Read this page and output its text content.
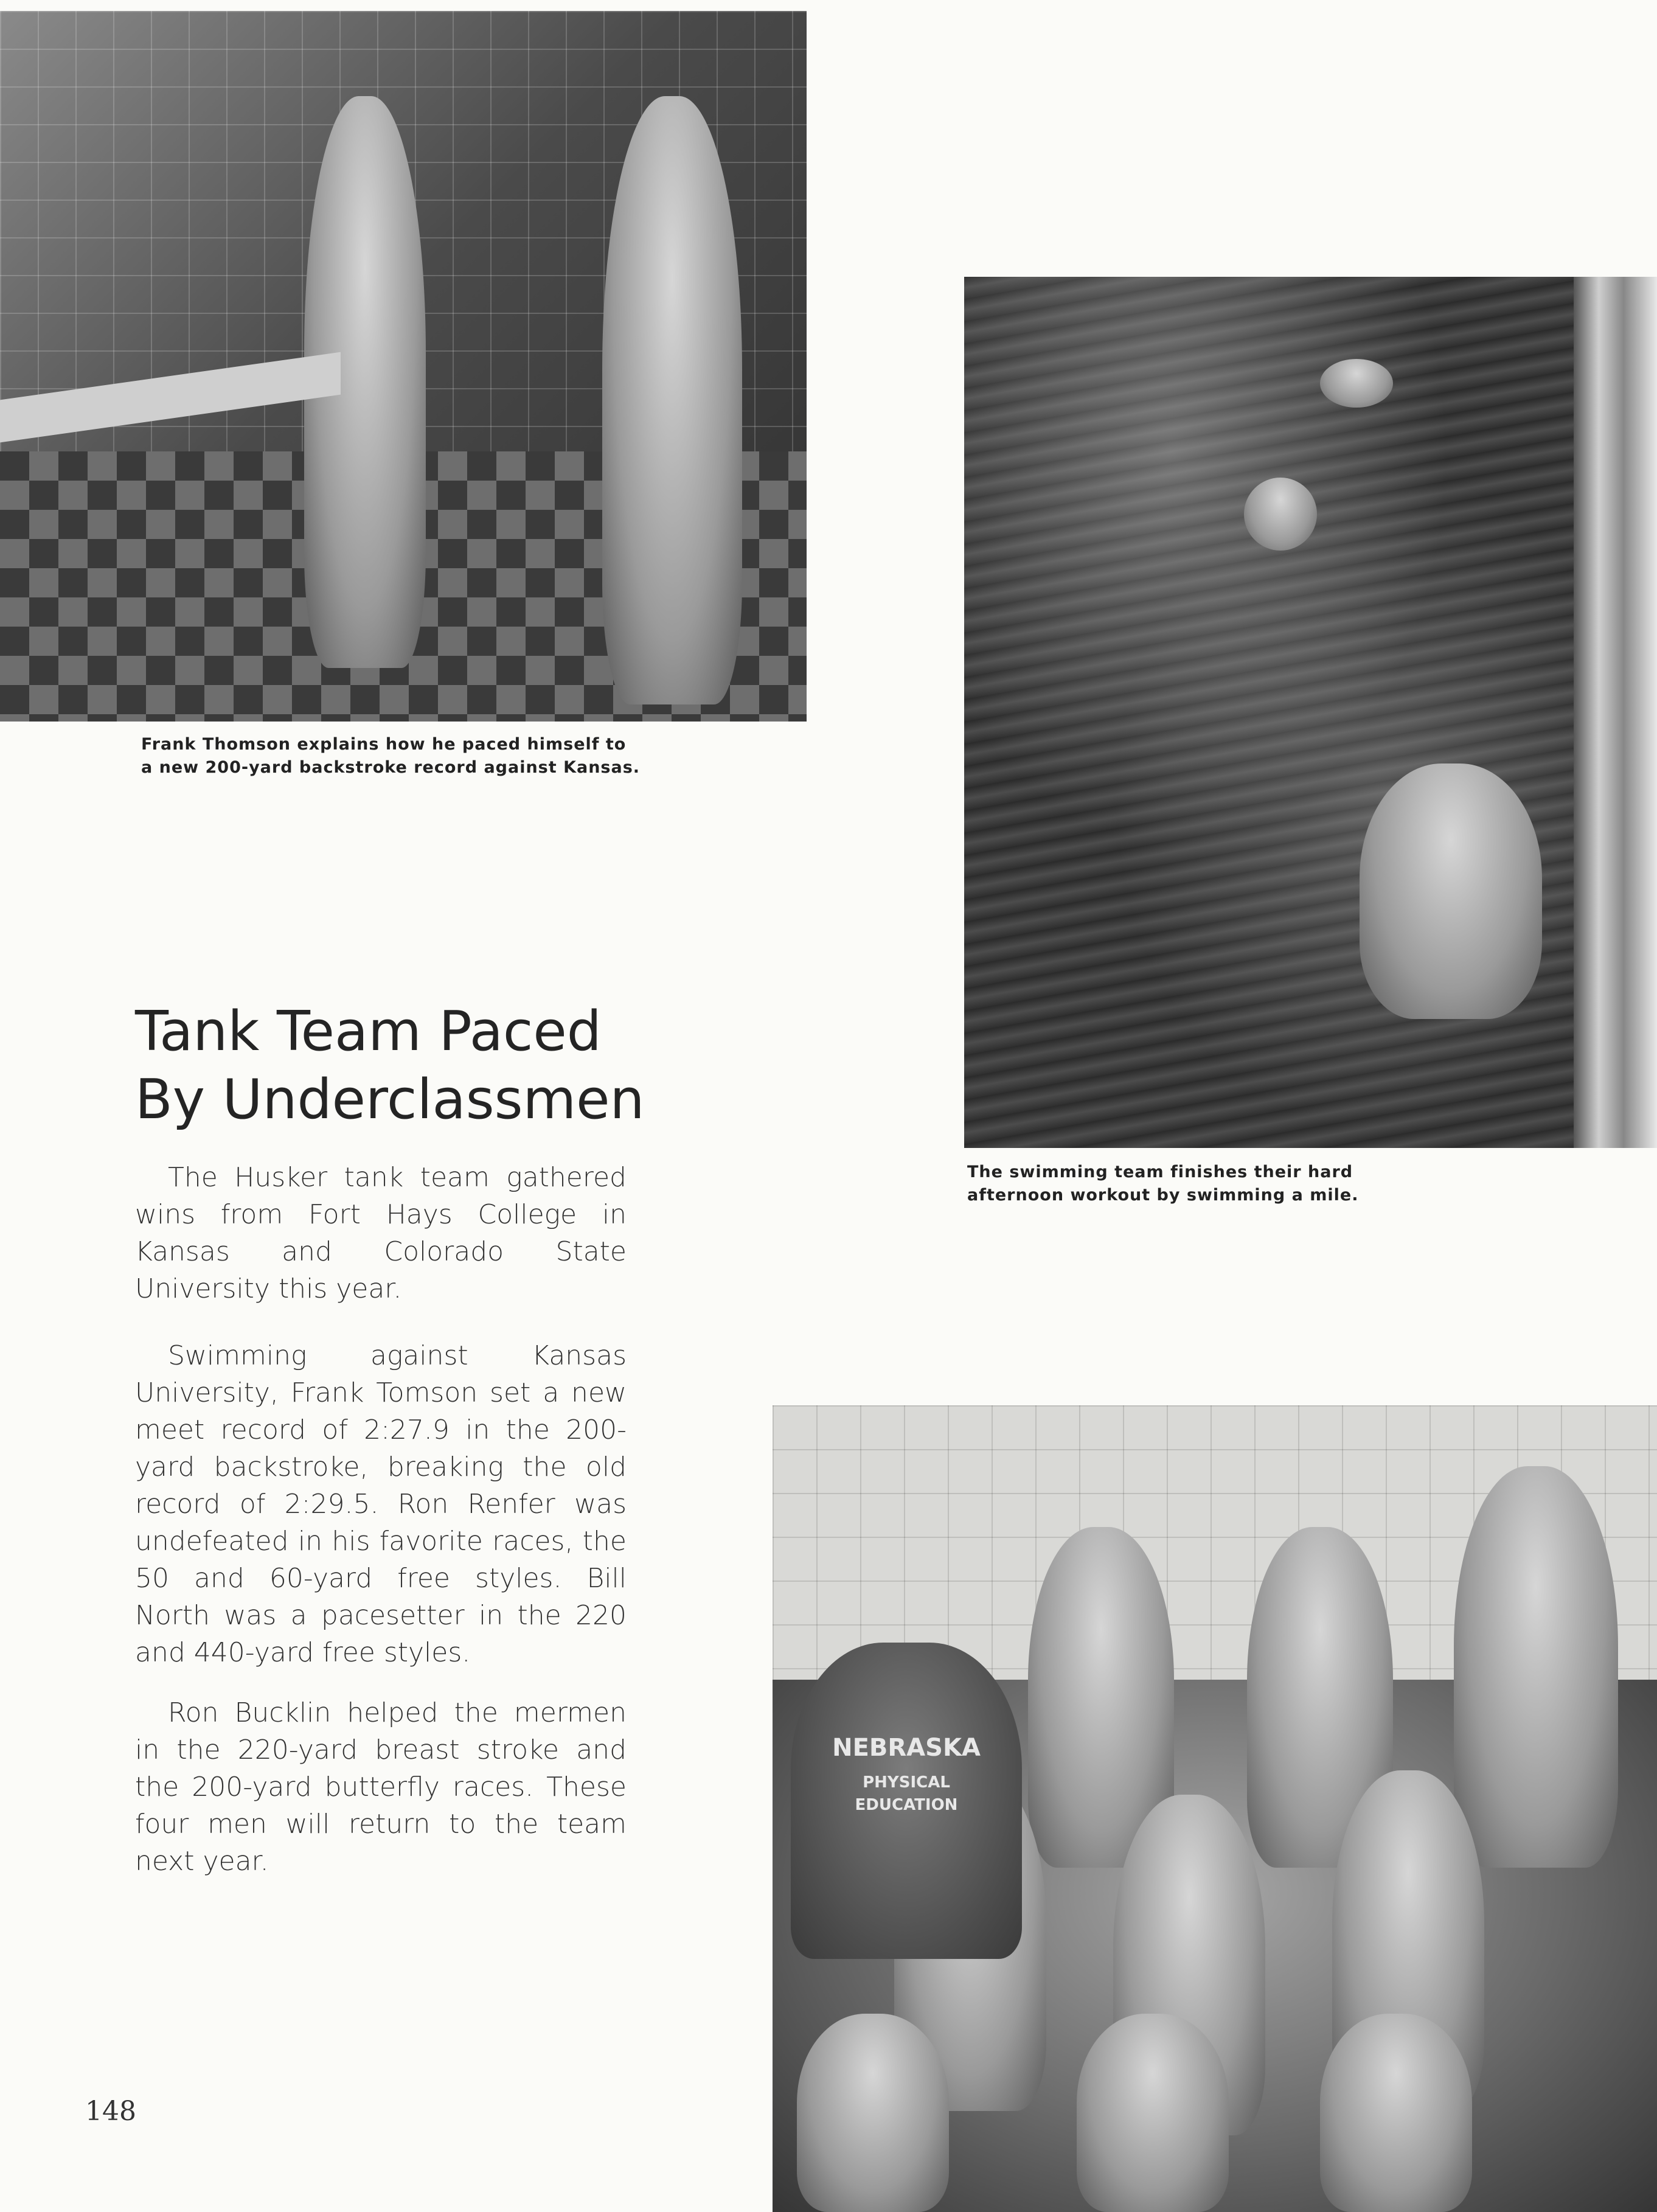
Frank Thomson explains how he paced himself to
a new 200-yard backstroke record against Kansas.
The swimming team finishes their hard
afternoon workout by swimming a mile.
Tank Team Paced
By Underclassmen

The Husker tank team gathered wins from Fort Hays College in Kansas and Colorado State University this year.

Swimming against Kansas University, Frank Tomson set a new meet record of 2:27.9 in the 200-yard backstroke, breaking the old record of 2:29.5. Ron Renfer was undefeated in his favorite races, the 50 and 60-yard free styles. Bill North was a pacesetter in the 220 and 440-yard free styles.

Ron Bucklin helped the mermen in the 220-yard breast stroke and the 200-yard butterfly races. These four men will return to the team next year.

NEBRASKA
PHYSICAL
EDUCATION
148
